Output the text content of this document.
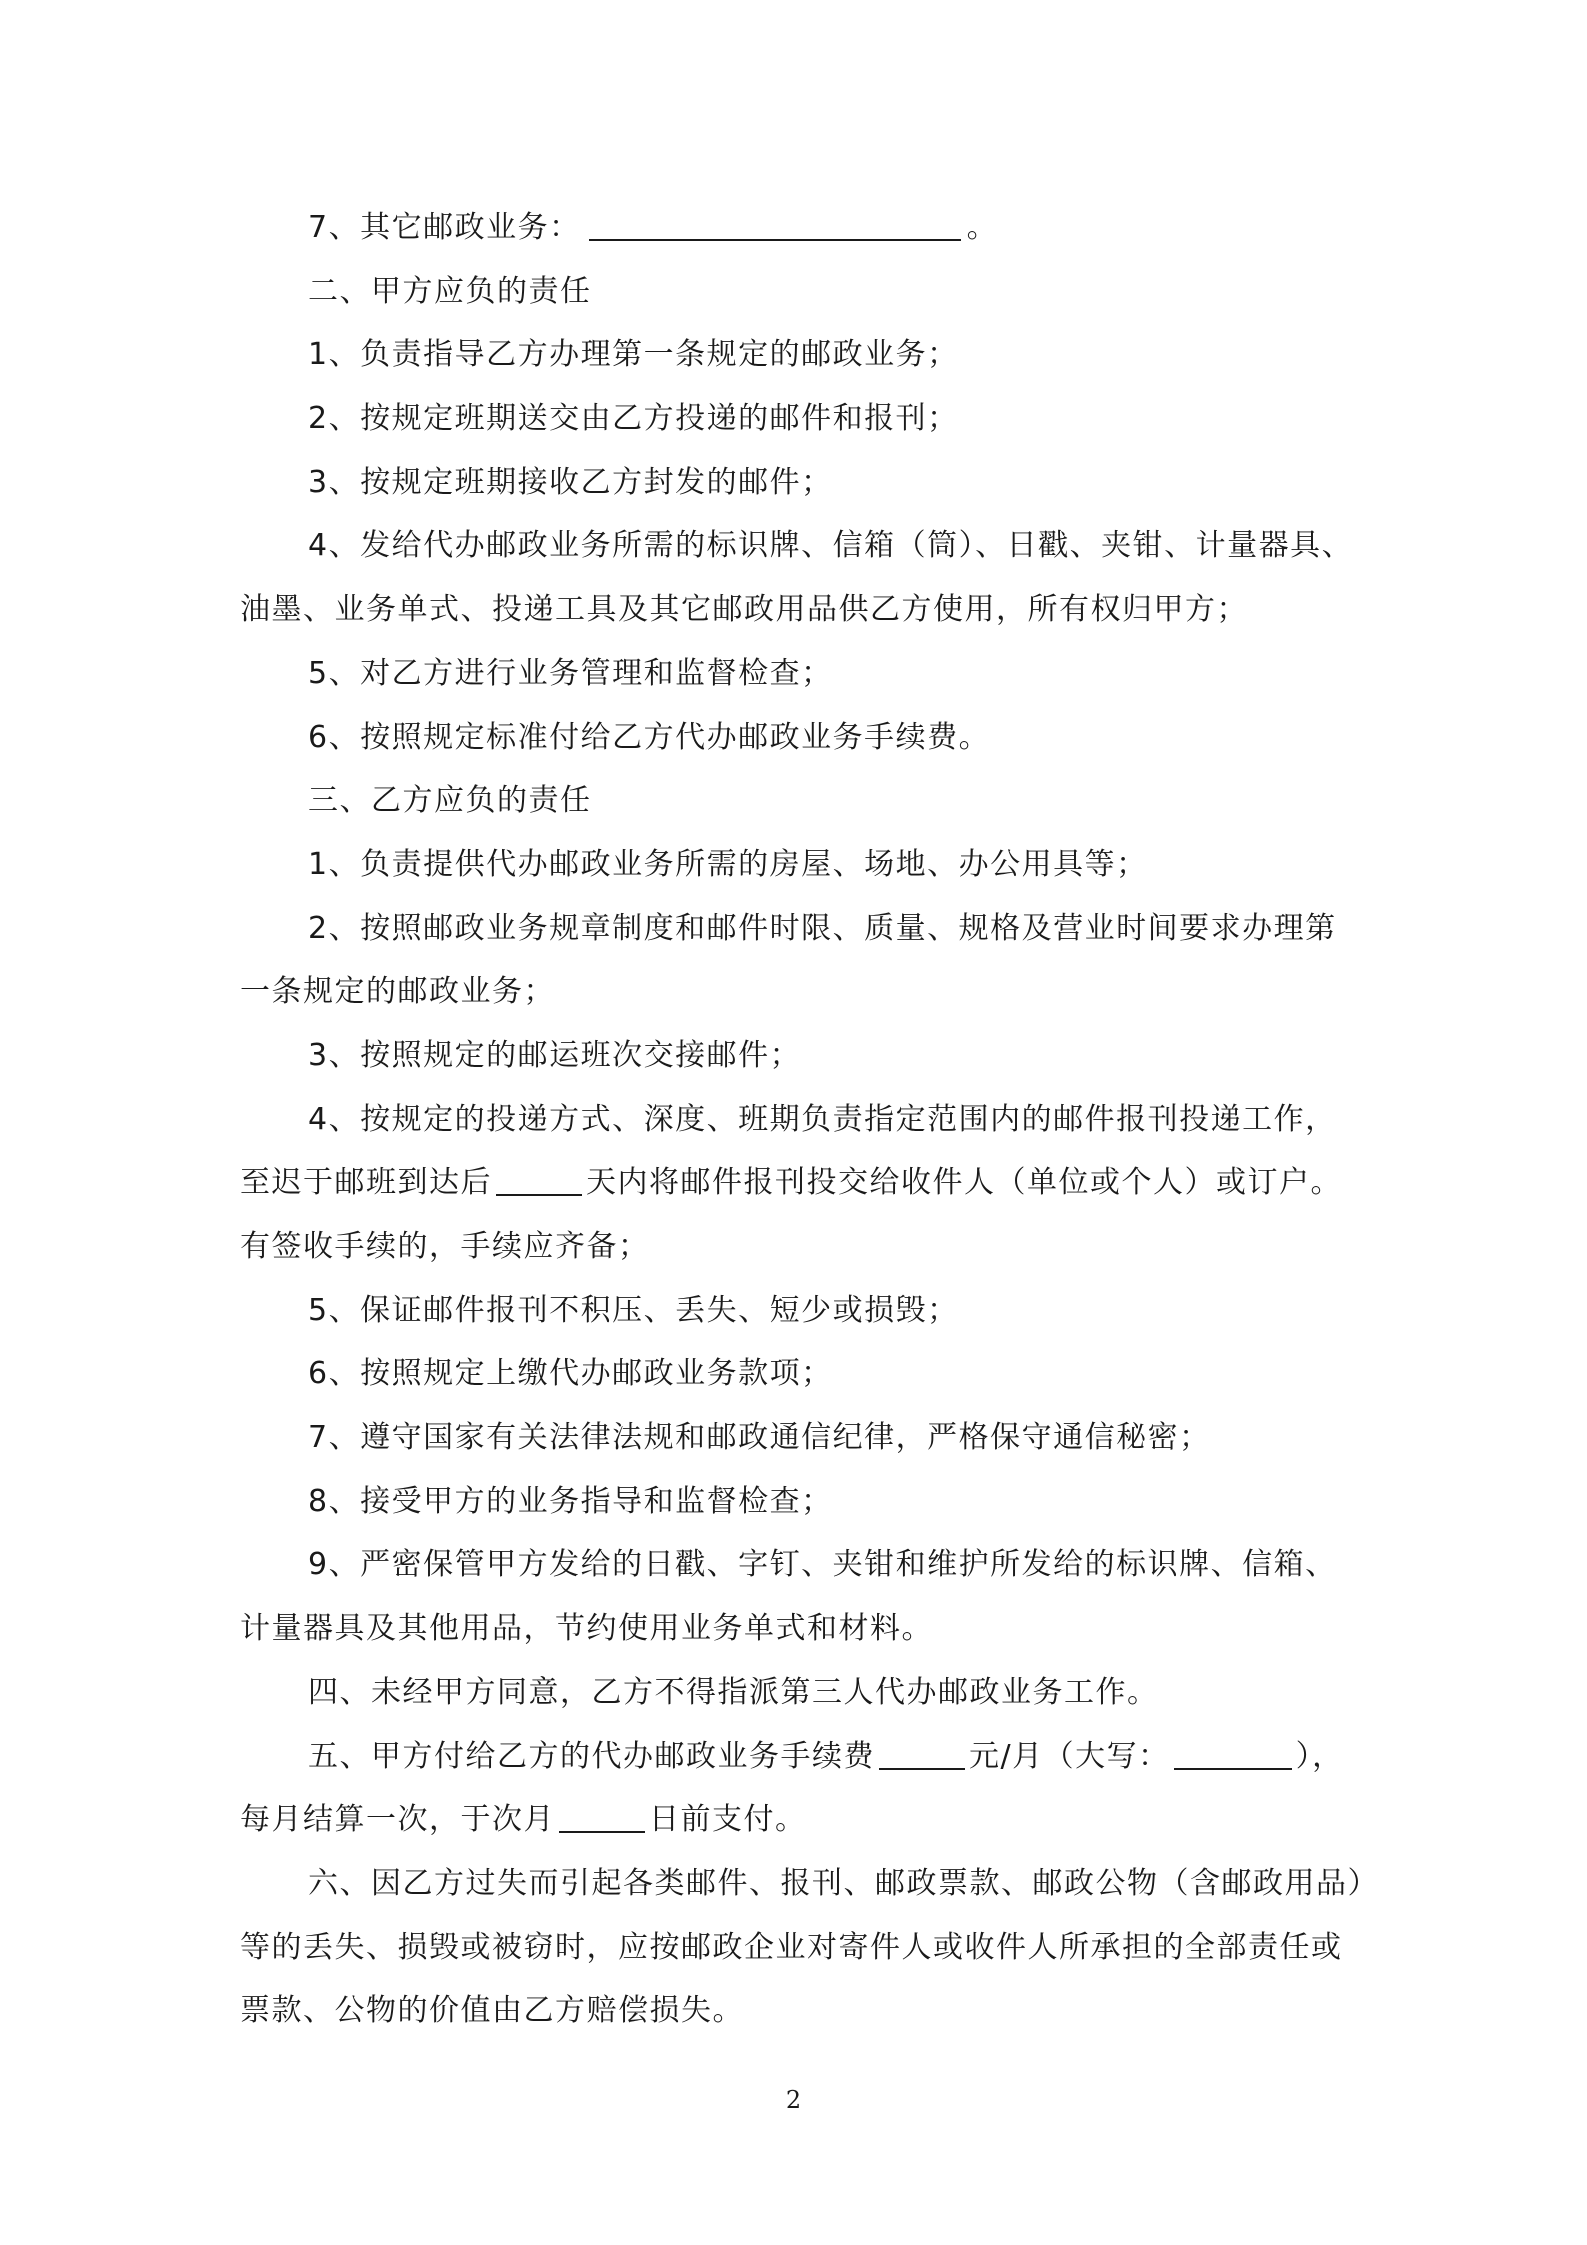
7、其它邮政业务：	。
二、甲方应负的责任
1、负责指导乙方办理第一条规定的邮政业务；
2、按规定班期送交由乙方投递的邮件和报刊；
3、按规定班期接收乙方封发的邮件；
4、发给代办邮政业务所需的标识牌、信箱（筒）、日戳、夹钳、计量器具、
油墨、业务单式、投递工具及其它邮政用品供乙方使用，所有权归甲方；
5、对乙方进行业务管理和监督检查；
6、按照规定标准付给乙方代办邮政业务手续费。
三、乙方应负的责任
1、负责提供代办邮政业务所需的房屋、场地、办公用具等；
2、按照邮政业务规章制度和邮件时限、质量、规格及营业时间要求办理第
一条规定的邮政业务；
3、按照规定的邮运班次交接邮件；
4、按规定的投递方式、深度、班期负责指定范围内的邮件报刊投递工作，
至迟于邮班到达后	天内将邮件报刊投交给收件人（单位或个人）或订户。
有签收手续的，手续应齐备；
5、保证邮件报刊不积压、丢失、短少或损毁；
6、按照规定上缴代办邮政业务款项；
7、遵守国家有关法律法规和邮政通信纪律，严格保守通信秘密；
8、接受甲方的业务指导和监督检查；
9、严密保管甲方发给的日戳、字钉、夹钳和维护所发给的标识牌、信箱、
计量器具及其他用品，节约使用业务单式和材料。
四、未经甲方同意，乙方不得指派第三人代办邮政业务工作。
五、甲方付给乙方的代办邮政业务手续费	元/月（大写：	），
每月结算一次，于次月	日前支付。
六、因乙方过失而引起各类邮件、报刊、邮政票款、邮政公物（含邮政用品）
等的丢失、损毁或被窃时，应按邮政企业对寄件人或收件人所承担的全部责任或
票款、公物的价值由乙方赔偿损失。
2
